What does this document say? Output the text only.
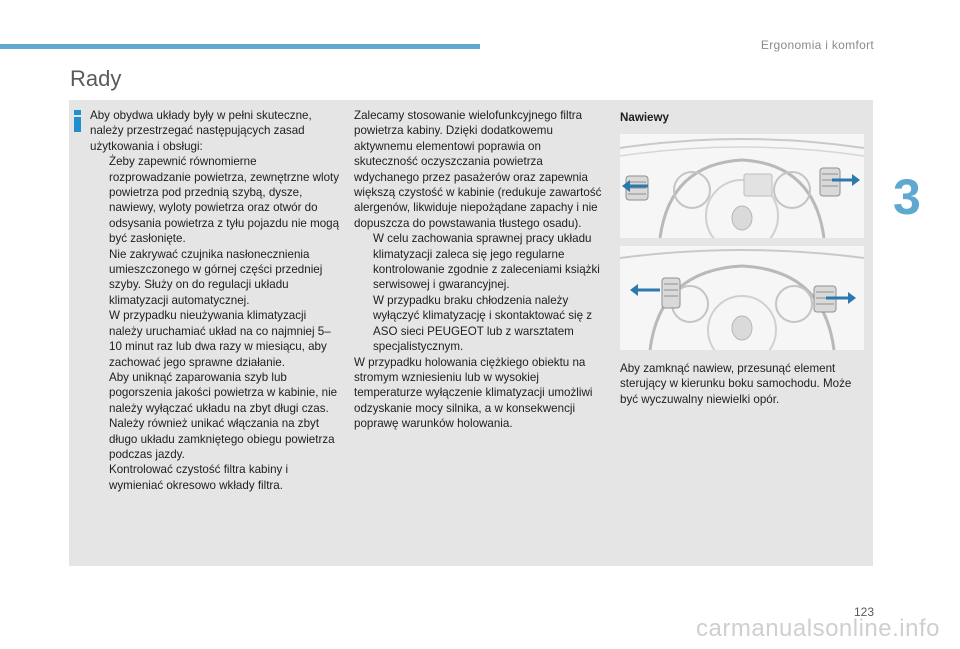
Ergonomia i komfort
Rady
3

Aby obydwa układy były w pełni skuteczne, należy przestrzegać następujących zasad użytkowania i obsługi:

Żeby zapewnić równomierne rozprowadzanie powietrza, zewnętrzne wloty powietrza pod przednią szybą, dysze, nawiewy, wyloty powietrza oraz otwór do odsysania powietrza z tyłu pojazdu nie mogą być zasłonięte.
Nie zakrywać czujnika nasłonecznienia umieszczonego w górnej części przedniej szyby. Służy on do regulacji układu klimatyzacji automatycznej.
W przypadku nieużywania klimatyzacji należy uruchamiać układ na co najmniej 5–10 minut raz lub dwa razy w miesiącu, aby zachować jego sprawne działanie.
Aby uniknąć zaparowania szyb lub pogorszenia jakości powietrza w kabinie, nie należy wyłączać układu na zbyt długi czas. Należy również unikać włączania na zbyt długo układu zamkniętego obiegu powietrza podczas jazdy.
Kontrolować czystość filtra kabiny i wymieniać okresowo wkłady filtra.

Zalecamy stosowanie wielofunkcyjnego filtra powietrza kabiny. Dzięki dodatkowemu aktywnemu elementowi poprawia on skuteczność oczyszczania powietrza wdychanego przez pasażerów oraz zapewnia większą czystość w kabinie (redukuje zawartość alergenów, likwiduje niepożądane zapachy i nie dopuszcza do powstawania tłustego osadu).

W celu zachowania sprawnej pracy układu klimatyzacji zaleca się jego regularne kontrolowanie zgodnie z zaleceniami książki serwisowej i gwarancyjnej.
W przypadku braku chłodzenia należy wyłączyć klimatyzację i skontaktować się z ASO sieci PEUGEOT lub z warsztatem specjalistycznym.

W przypadku holowania ciężkiego obiektu na stromym wzniesieniu lub w wysokiej temperaturze wyłączenie klimatyzacji umożliwi odzyskanie mocy silnika, a w konsekwencji poprawę warunków holowania.

Nawiewy

Aby zamknąć nawiew, przesunąć element sterujący w kierunku boku samochodu. Może być wyczuwalny niewielki opór.
123
carmanualsonline.info
